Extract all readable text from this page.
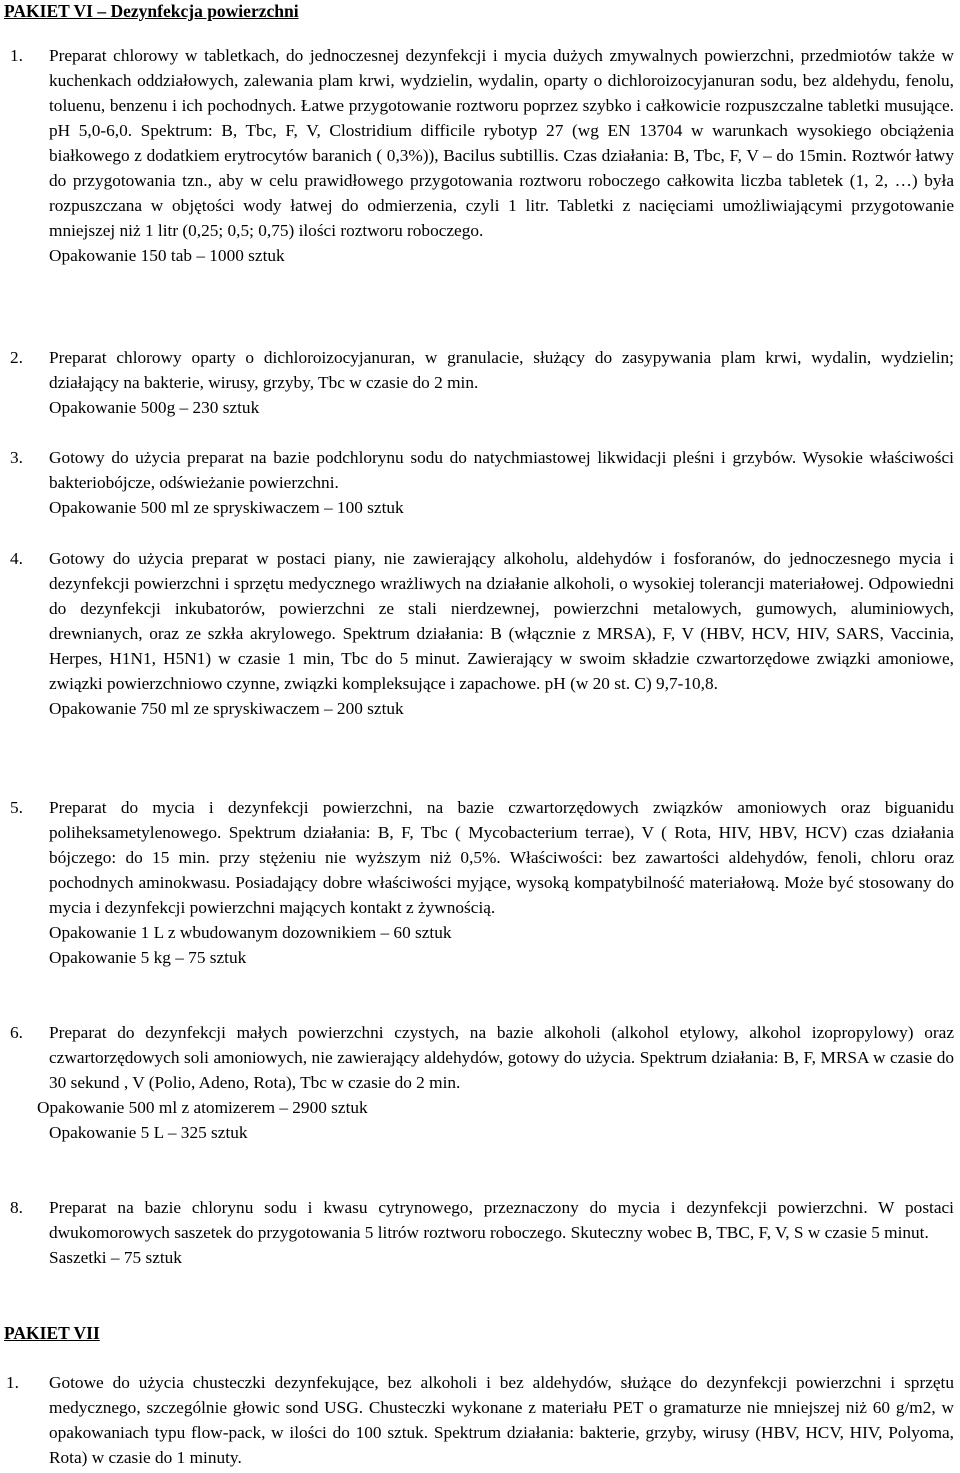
PAKIET VI – Dezynfekcja powierzchni
1. Preparat chlorowy w tabletkach, do jednoczesnej dezynfekcji i mycia dużych zmywalnych powierzchni, przedmiotów także w kuchenkach oddziałowych, zalewania plam krwi, wydzielin, wydalin, oparty o dichloroizocyjanuran sodu, bez aldehydu, fenolu, toluenu, benzenu i ich pochodnych. Łatwe przygotowanie roztworu poprzez szybko i całkowicie rozpuszczalne tabletki musujące. pH 5,0-6,0. Spektrum: B, Tbc, F, V, Clostridium difficile rybotyp 27 (wg EN 13704 w warunkach wysokiego obciążenia białkowego z dodatkiem erytrocytów baranich ( 0,3%)), Bacilus subtillis. Czas działania: B, Tbc, F, V – do 15min. Roztwór łatwy do przygotowania tzn., aby w celu prawidłowego przygotowania roztworu roboczego całkowita liczba tabletek (1, 2, …) była rozpuszczana w objętości wody łatwej do odmierzenia, czyli 1 litr. Tabletki z nacięciami umożliwiającymi przygotowanie mniejszej niż 1 litr (0,25; 0,5; 0,75) ilości roztworu roboczego.

Opakowanie 150 tab – 1000 sztuk

2. Preparat chlorowy oparty o dichloroizocyjanuran, w granulacie, służący do zasypywania plam krwi, wydalin, wydzielin; działający na bakterie, wirusy, grzyby, Tbc w czasie do 2 min.

Opakowanie 500g – 230 sztuk

3. Gotowy do użycia preparat na bazie podchlorynu sodu do natychmiastowej likwidacji pleśni i grzybów. Wysokie właściwości bakteriobójcze, odświeżanie powierzchni.

Opakowanie 500 ml ze spryskiwaczem – 100 sztuk

4. Gotowy do użycia preparat w postaci piany, nie zawierający alkoholu, aldehydów i fosforanów, do jednoczesnego mycia i dezynfekcji powierzchni i sprzętu medycznego wrażliwych na działanie alkoholi, o wysokiej tolerancji materiałowej. Odpowiedni do dezynfekcji inkubatorów, powierzchni ze stali nierdzewnej, powierzchni metalowych, gumowych, aluminiowych, drewnianych, oraz ze szkła akrylowego. Spektrum działania: B (włącznie z MRSA), F, V (HBV, HCV, HIV, SARS, Vaccinia, Herpes, H1N1, H5N1) w czasie 1 min, Tbc do 5 minut. Zawierający w swoim składzie czwartorzędowe związki amoniowe, związki powierzchniowo czynne, związki kompleksujące i zapachowe. pH (w 20 st. C) 9,7-10,8.

Opakowanie 750 ml ze spryskiwaczem – 200 sztuk

5. Preparat do mycia i dezynfekcji powierzchni, na bazie czwartorzędowych związków amoniowych oraz biguanidu poliheksametylenowego. Spektrum działania: B, F, Tbc ( Mycobacterium terrae), V ( Rota, HIV, HBV, HCV) czas działania bójczego: do 15 min. przy stężeniu nie wyższym niż 0,5%. Właściwości: bez zawartości aldehydów, fenoli, chloru oraz pochodnych aminokwasu. Posiadający dobre właściwości myjące, wysoką kompatybilność materiałową. Może być stosowany do mycia i dezynfekcji powierzchni mających kontakt z żywnością.

Opakowanie 1 L z wbudowanym dozownikiem – 60 sztuk

Opakowanie 5 kg – 75 sztuk

6. Preparat do dezynfekcji małych powierzchni czystych, na bazie alkoholi (alkohol etylowy, alkohol izopropylowy) oraz czwartorzędowych soli amoniowych, nie zawierający aldehydów, gotowy do użycia. Spektrum działania: B, F, MRSA w czasie do 30 sekund , V (Polio, Adeno, Rota), Tbc w czasie do 2 min.

Opakowanie 500 ml z atomizerem – 2900 sztuk

Opakowanie 5 L – 325 sztuk

8. Preparat na bazie chlorynu sodu i kwasu cytrynowego, przeznaczony do mycia i dezynfekcji powierzchni. W postaci dwukomorowych saszetek do przygotowania 5 litrów roztworu roboczego. Skuteczny wobec B, TBC, F, V, S w czasie 5 minut.

Saszetki – 75 sztuk

PAKIET VII
1. Gotowe do użycia chusteczki dezynfekujące, bez alkoholi i bez aldehydów, służące do dezynfekcji powierzchni i sprzętu medycznego, szczególnie głowic sond USG. Chusteczki wykonane z materiału PET o gramaturze nie mniejszej niż 60 g/m2, w opakowaniach typu flow-pack, w ilości do 100 sztuk. Spektrum działania: bakterie, grzyby, wirusy (HBV, HCV, HIV, Polyoma, Rota) w czasie do 1 minuty.
